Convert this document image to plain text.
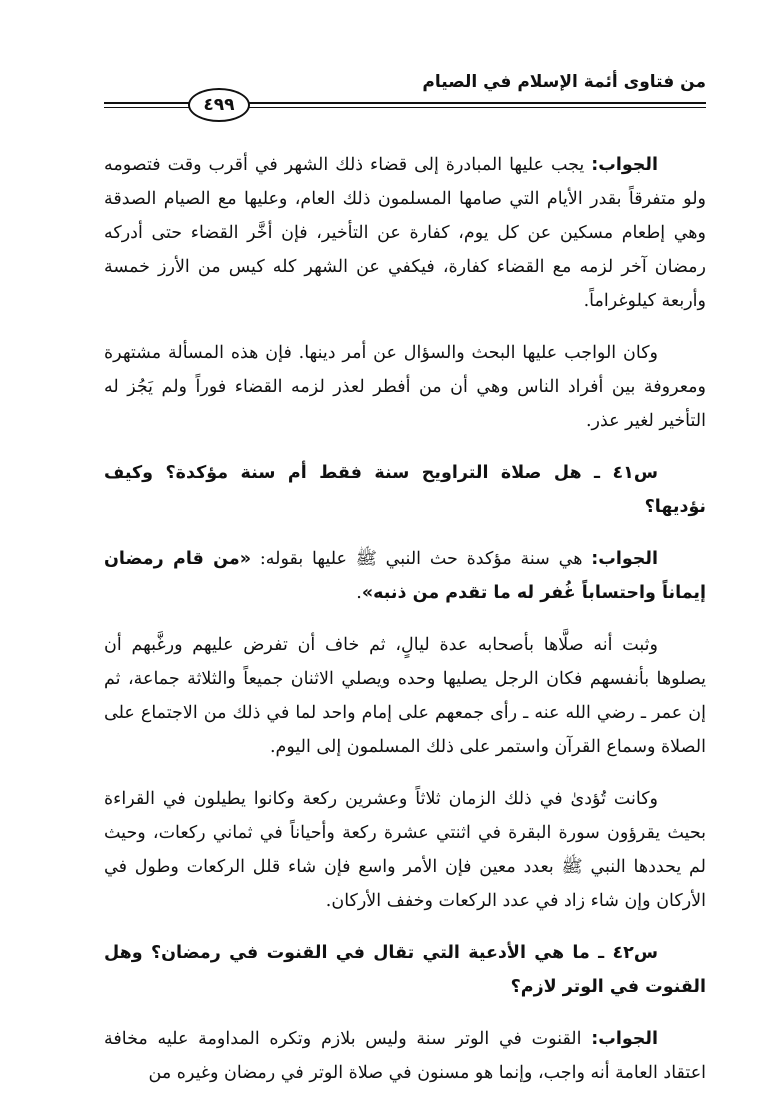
من فتاوى أئمة الإسلام في الصيام
٤٩٩

الجواب: يجب عليها المبادرة إلى قضاء ذلك الشهر في أقرب وقت فتصومه ولو متفرقاً بقدر الأيام التي صامها المسلمون ذلك العام، وعليها مع الصيام الصدقة وهي إطعام مسكين عن كل يوم، كفارة عن التأخير، فإن أخَّر القضاء حتى أدركه رمضان آخر لزمه مع القضاء كفارة، فيكفي عن الشهر كله كيس من الأرز خمسة وأربعة كيلوغراماً.

وكان الواجب عليها البحث والسؤال عن أمر دينها. فإن هذه المسألة مشتهرة ومعروفة بين أفراد الناس وهي أن من أفطر لعذر لزمه القضاء فوراً ولم يَجُز له التأخير لغير عذر.

س٤١ ـ هل صلاة التراويح سنة فقط أم سنة مؤكدة؟ وكيف نؤديها؟

الجواب: هي سنة مؤكدة حث النبي ﷺ عليها بقوله: «من قام رمضان إيماناً واحتساباً غُفر له ما تقدم من ذنبه».

وثبت أنه صلَّاها بأصحابه عدة ليالٍ، ثم خاف أن تفرض عليهم ورغَّبهم أن يصلوها بأنفسهم فكان الرجل يصليها وحده ويصلي الاثنان جميعاً والثلاثة جماعة، ثم إن عمر ـ رضي الله عنه ـ رأى جمعهم على إمام واحد لما في ذلك من الاجتماع على الصلاة وسماع القرآن واستمر على ذلك المسلمون إلى اليوم.

وكانت تُؤدىٰ في ذلك الزمان ثلاثاً وعشرين ركعة وكانوا يطيلون في القراءة بحيث يقرؤون سورة البقرة في اثنتي عشرة ركعة وأحياناً في ثماني ركعات، وحيث لم يحددها النبي ﷺ بعدد معين فإن الأمر واسع فإن شاء قلل الركعات وطول في الأركان وإن شاء زاد في عدد الركعات وخفف الأركان.

س٤٢ ـ ما هي الأدعية التي تقال في القنوت في رمضان؟ وهل القنوت في الوتر لازم؟

الجواب: القنوت في الوتر سنة وليس بلازم وتكره المداومة عليه مخافة اعتقاد العامة أنه واجب، وإنما هو مسنون في صلاة الوتر في رمضان وغيره من
